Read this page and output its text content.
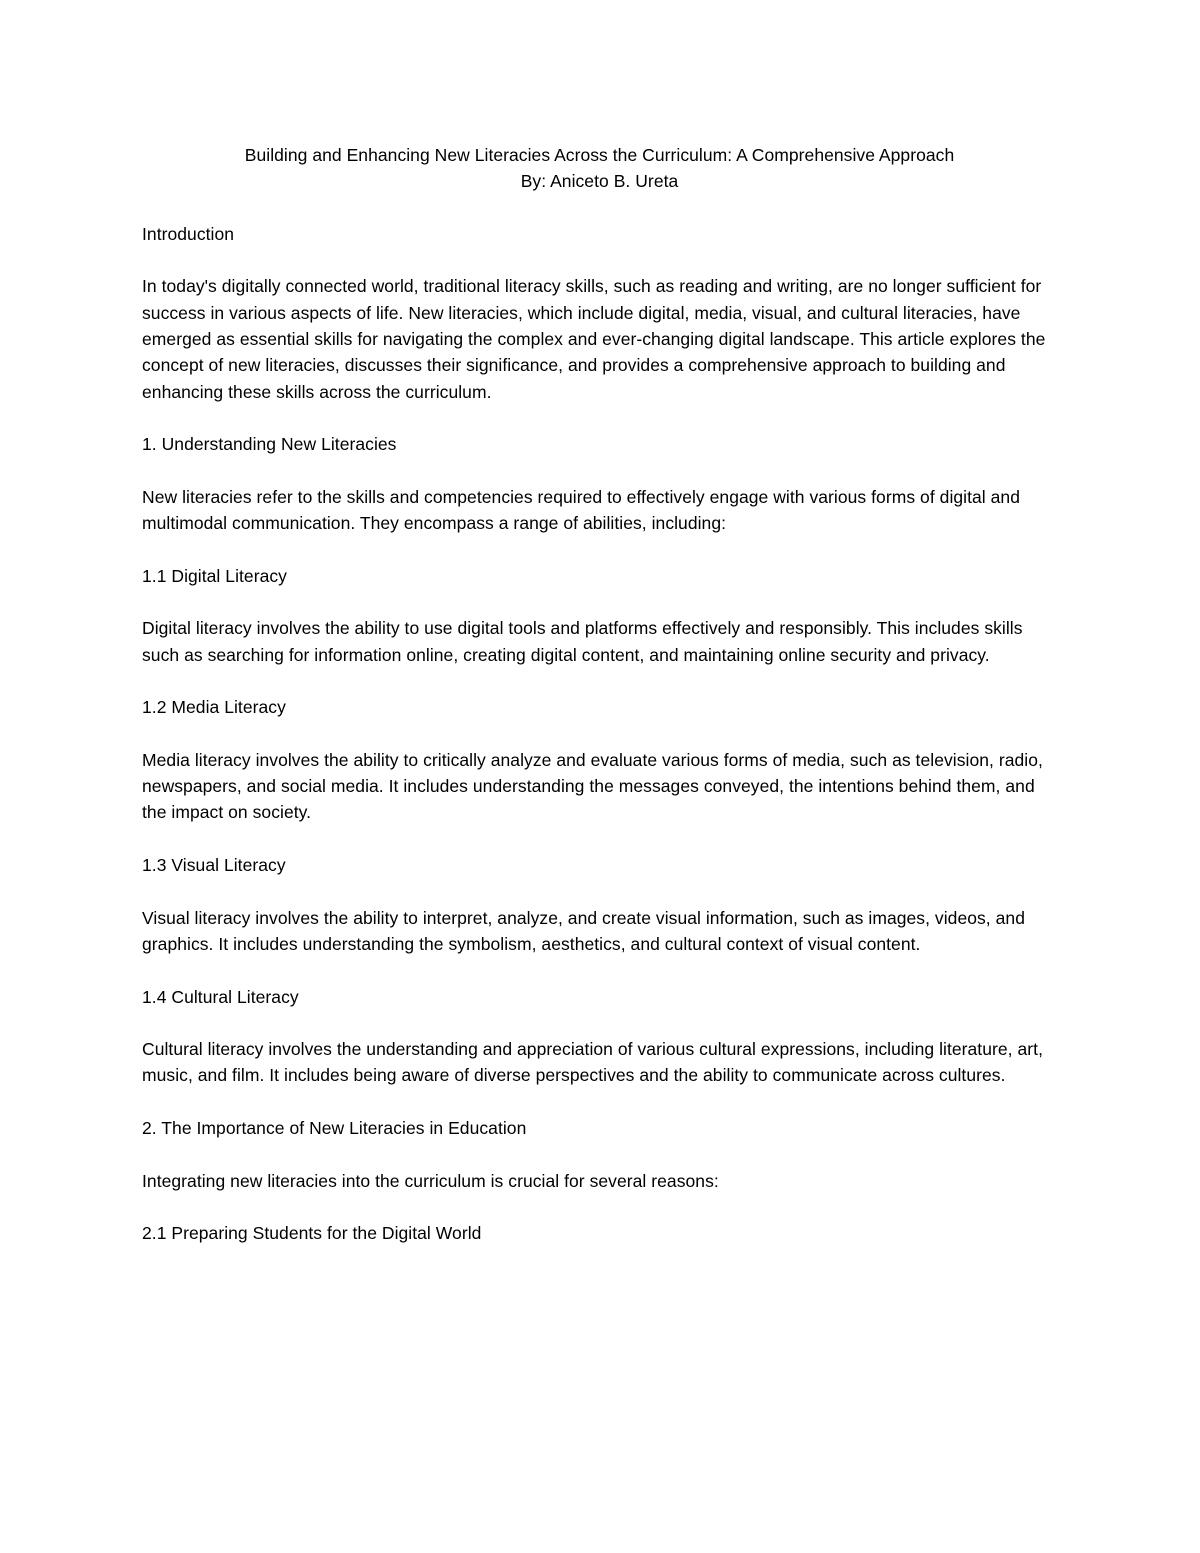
Building and Enhancing New Literacies Across the Curriculum: A Comprehensive Approach
By: Aniceto B. Ureta
Introduction

In today's digitally connected world, traditional literacy skills, such as reading and writing, are no longer sufficient for success in various aspects of life. New literacies, which include digital, media, visual, and cultural literacies, have emerged as essential skills for navigating the complex and ever-changing digital landscape. This article explores the concept of new literacies, discusses their significance, and provides a comprehensive approach to building and enhancing these skills across the curriculum.

1. Understanding New Literacies

New literacies refer to the skills and competencies required to effectively engage with various forms of digital and multimodal communication. They encompass a range of abilities, including:

1.1 Digital Literacy

Digital literacy involves the ability to use digital tools and platforms effectively and responsibly. This includes skills such as searching for information online, creating digital content, and maintaining online security and privacy.

1.2 Media Literacy

Media literacy involves the ability to critically analyze and evaluate various forms of media, such as television, radio, newspapers, and social media. It includes understanding the messages conveyed, the intentions behind them, and the impact on society.

1.3 Visual Literacy

Visual literacy involves the ability to interpret, analyze, and create visual information, such as images, videos, and graphics. It includes understanding the symbolism, aesthetics, and cultural context of visual content.

1.4 Cultural Literacy

Cultural literacy involves the understanding and appreciation of various cultural expressions, including literature, art, music, and film. It includes being aware of diverse perspectives and the ability to communicate across cultures.

2. The Importance of New Literacies in Education

Integrating new literacies into the curriculum is crucial for several reasons:

2.1 Preparing Students for the Digital World
